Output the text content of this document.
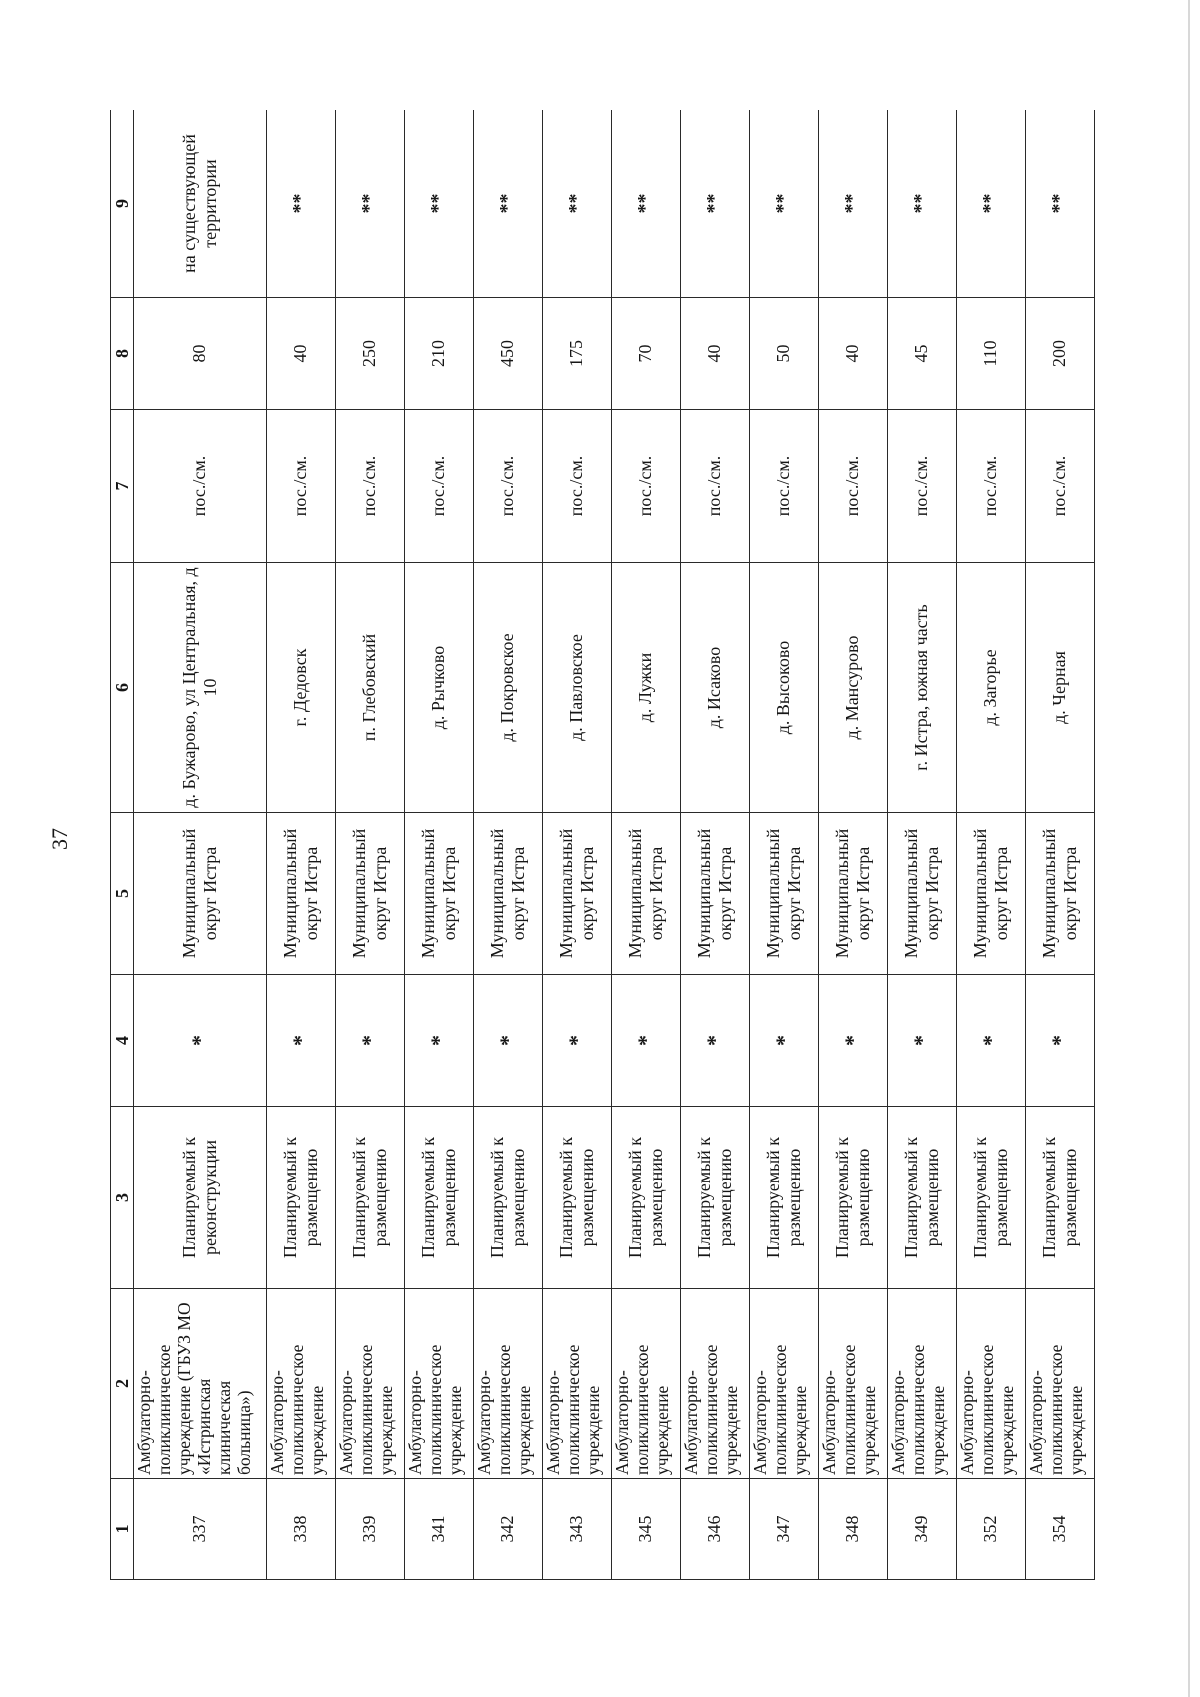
37
1	2	3	4	5	6	7	8	9
337	Амбулаторно-поликлиническое учреждение (ГБУЗ МО «Истринская клиническая больница»)	Планируемый к реконструкции	*	Муниципальный округ Истра	д. Бужарово, ул Центральная, д 10	пос./см.	80	на существующей территории
338	Амбулаторно-поликлиническое учреждение	Планируемый к размещению	*	Муниципальный округ Истра	г. Дедовск	пос./см.	40	**
339	Амбулаторно-поликлиническое учреждение	Планируемый к размещению	*	Муниципальный округ Истра	п. Глебовский	пос./см.	250	**
341	Амбулаторно-поликлиническое учреждение	Планируемый к размещению	*	Муниципальный округ Истра	д. Рычково	пос./см.	210	**
342	Амбулаторно-поликлиническое учреждение	Планируемый к размещению	*	Муниципальный округ Истра	д. Покровское	пос./см.	450	**
343	Амбулаторно-поликлиническое учреждение	Планируемый к размещению	*	Муниципальный округ Истра	д. Павловское	пос./см.	175	**
345	Амбулаторно-поликлиническое учреждение	Планируемый к размещению	*	Муниципальный округ Истра	д. Лужки	пос./см.	70	**
346	Амбулаторно-поликлиническое учреждение	Планируемый к размещению	*	Муниципальный округ Истра	д. Исаково	пос./см.	40	**
347	Амбулаторно-поликлиническое учреждение	Планируемый к размещению	*	Муниципальный округ Истра	д. Высоково	пос./см.	50	**
348	Амбулаторно-поликлиническое учреждение	Планируемый к размещению	*	Муниципальный округ Истра	д. Мансурово	пос./см.	40	**
349	Амбулаторно-поликлиническое учреждение	Планируемый к размещению	*	Муниципальный округ Истра	г. Истра, южная часть	пос./см.	45	**
352	Амбулаторно-поликлиническое учреждение	Планируемый к размещению	*	Муниципальный округ Истра	д. Загорье	пос./см.	110	**
354	Амбулаторно-поликлиническое учреждение	Планируемый к размещению	*	Муниципальный округ Истра	д. Черная	пос./см.	200	**
